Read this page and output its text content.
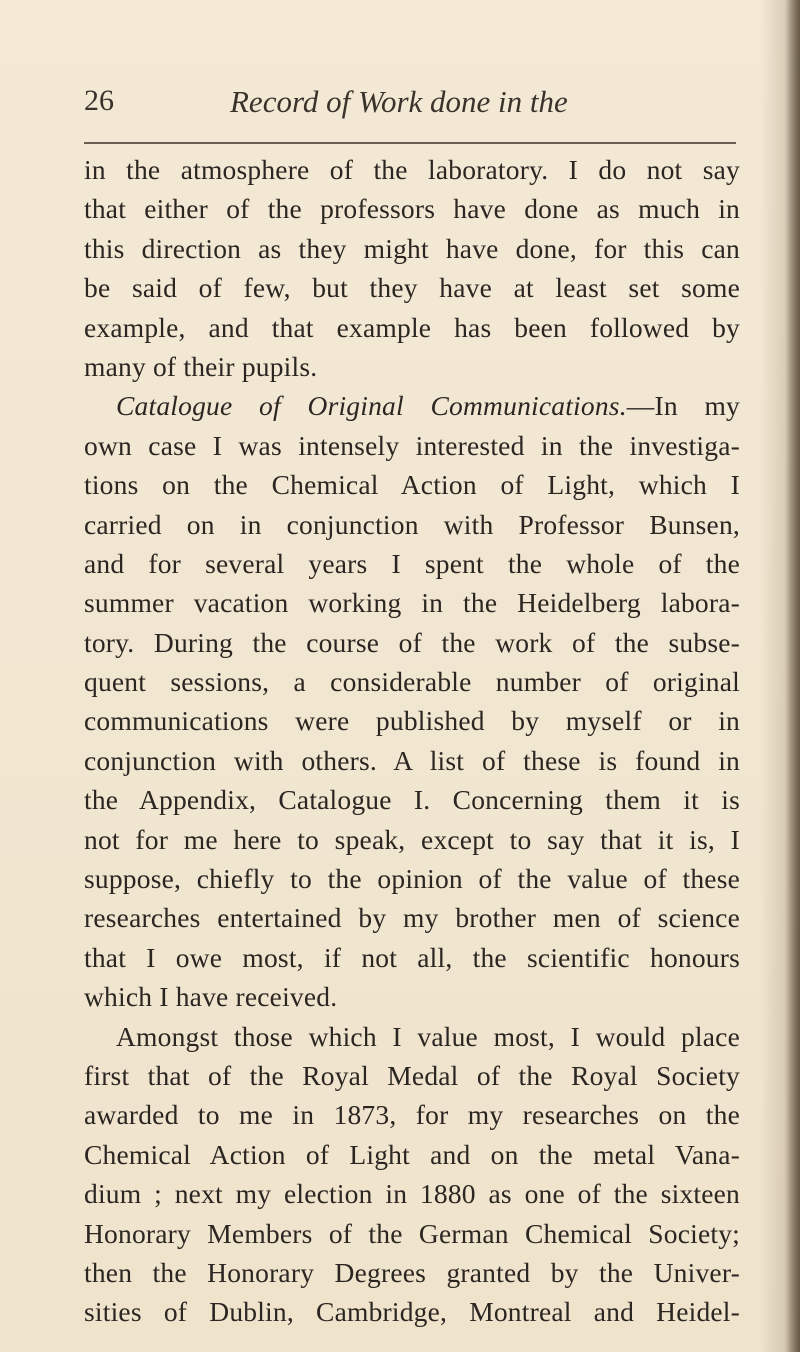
26	Record of Work done in the
in the atmosphere of the laboratory. I do not say
that either of the professors have done as much in
this direction as they might have done, for this can
be said of few, but they have at least set some
example, and that example has been followed by
many of their pupils.
Catalogue of Original Communications.—In my
own case I was intensely interested in the investiga-
tions on the Chemical Action of Light, which I
carried on in conjunction with Professor Bunsen,
and for several years I spent the whole of the
summer vacation working in the Heidelberg labora-
tory. During the course of the work of the subse-
quent sessions, a considerable number of original
communications were published by myself or in
conjunction with others. A list of these is found in
the Appendix, Catalogue I. Concerning them it is
not for me here to speak, except to say that it is, I
suppose, chiefly to the opinion of the value of these
researches entertained by my brother men of science
that I owe most, if not all, the scientific honours
which I have received.
Amongst those which I value most, I would place
first that of the Royal Medal of the Royal Society
awarded to me in 1873, for my researches on the
Chemical Action of Light and on the metal Vana-
dium ; next my election in 1880 as one of the sixteen
Honorary Members of the German Chemical Society;
then the Honorary Degrees granted by the Univer-
sities of Dublin, Cambridge, Montreal and Heidel-
